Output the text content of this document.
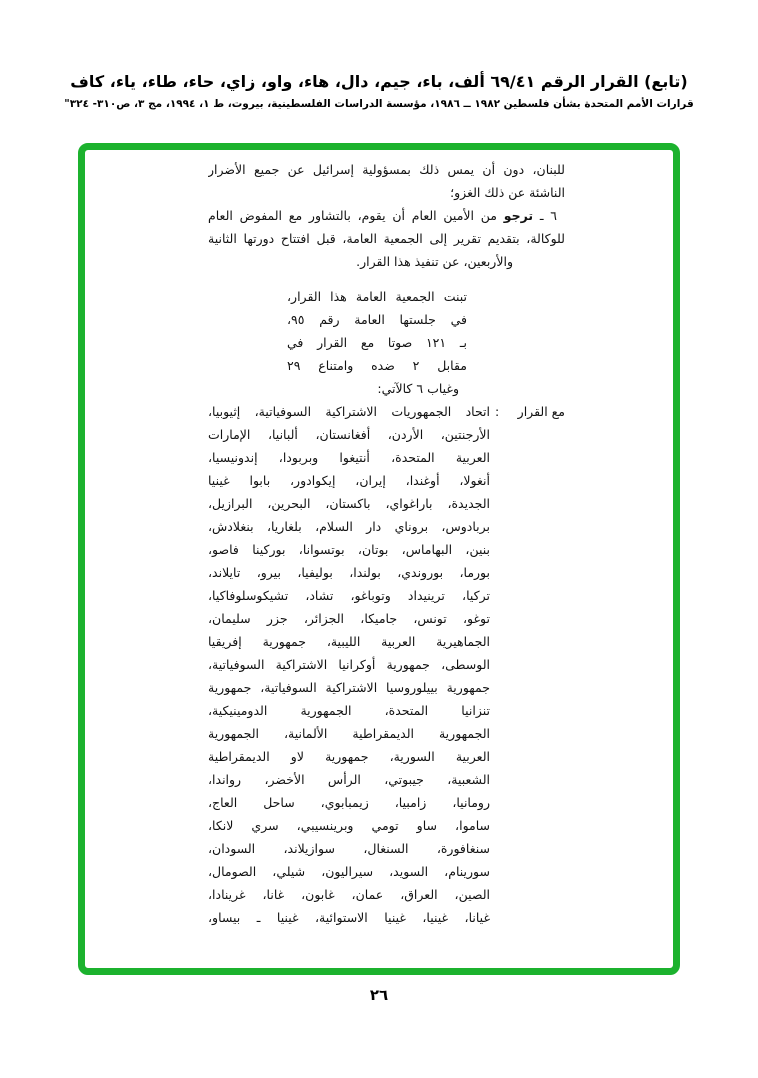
(تابع) القرار الرقم ٦٩/٤١ ألف، باء، جيم، دال، هاء، واو، زاي، حاء، طاء، ياء، كاف
قرارات الأمم المتحدة بشأن فلسطين ١٩٨٢ ــ ١٩٨٦، مؤسسة الدراسات الفلسطينية، بيروت، ط ١، ١٩٩٤، مج ٣، ص٣١٠- ٣٢٤"
للبنان، دون أن يمس ذلك بمسؤولية إسرائيل عن جميع الأضرار
الناشئة عن ذلك الغزو؛
٦ ـ ترجو من الأمين العام أن يقوم، بالتشاور مع المفوض العام
للوكالة، بتقديم تقرير إلى الجمعية العامة، قبل افتتاح دورتها الثانية
والأربعين، عن تنفيذ هذا القرار.
تبنت الجمعية العامة هذا القرار،
في جلستها العامة رقم ٩٥،
بـ ١٢١ صوتا مع القرار في
مقابل ٢ ضده وامتناع ٢٩
وغياب ٦ كالآتي:
مع القرار
:
اتحاد الجمهوريات الاشتراكية السوفياتية، إثيوبيا،
الأرجنتين، الأردن، أفغانستان، ألبانيا، الإمارات
العربية المتحدة، أنتيغوا وبربودا، إندونيسيا،
أنغولا، أوغندا، إيران، إيكوادور، بابوا غينيا
الجديدة، باراغواي، باكستان، البحرين، البرازيل،
بربادوس، بروناي دار السلام، بلغاريا، بنغلادش،
بنين، البهاماس، بوتان، بوتسوانا، بوركينا فاصو،
بورما، بوروندي، بولندا، بوليفيا، بيرو، تايلاند،
تركيا، ترينيداد وتوباغو، تشاد، تشيكوسلوفاكيا،
توغو، تونس، جاميكا، الجزائر، جزر سليمان،
الجماهيرية العربية الليبية، جمهورية إفريقيا
الوسطى، جمهورية أوكرانيا الاشتراكية السوفياتية،
جمهورية بييلوروسيا الاشتراكية السوفياتية، جمهورية
تنزانيا المتحدة، الجمهورية الدومينيكية،
الجمهورية الديمقراطية الألمانية، الجمهورية
العربية السورية، جمهورية لاو الديمقراطية
الشعبية، جيبوتي، الرأس الأخضر، رواندا،
رومانيا، زامبيا، زيمبابوي، ساحل العاج،
ساموا، ساو تومي وبرينسيبي، سري لانكا،
سنغافورة، السنغال، سوازيلاند، السودان،
سورينام، السويد، سيراليون، شيلي، الصومال،
الصين، العراق، عمان، غابون، غانا، غرينادا،
غيانا، غينيا، غينيا الاستوائية، غينيا ـ بيساو،
٢٦
